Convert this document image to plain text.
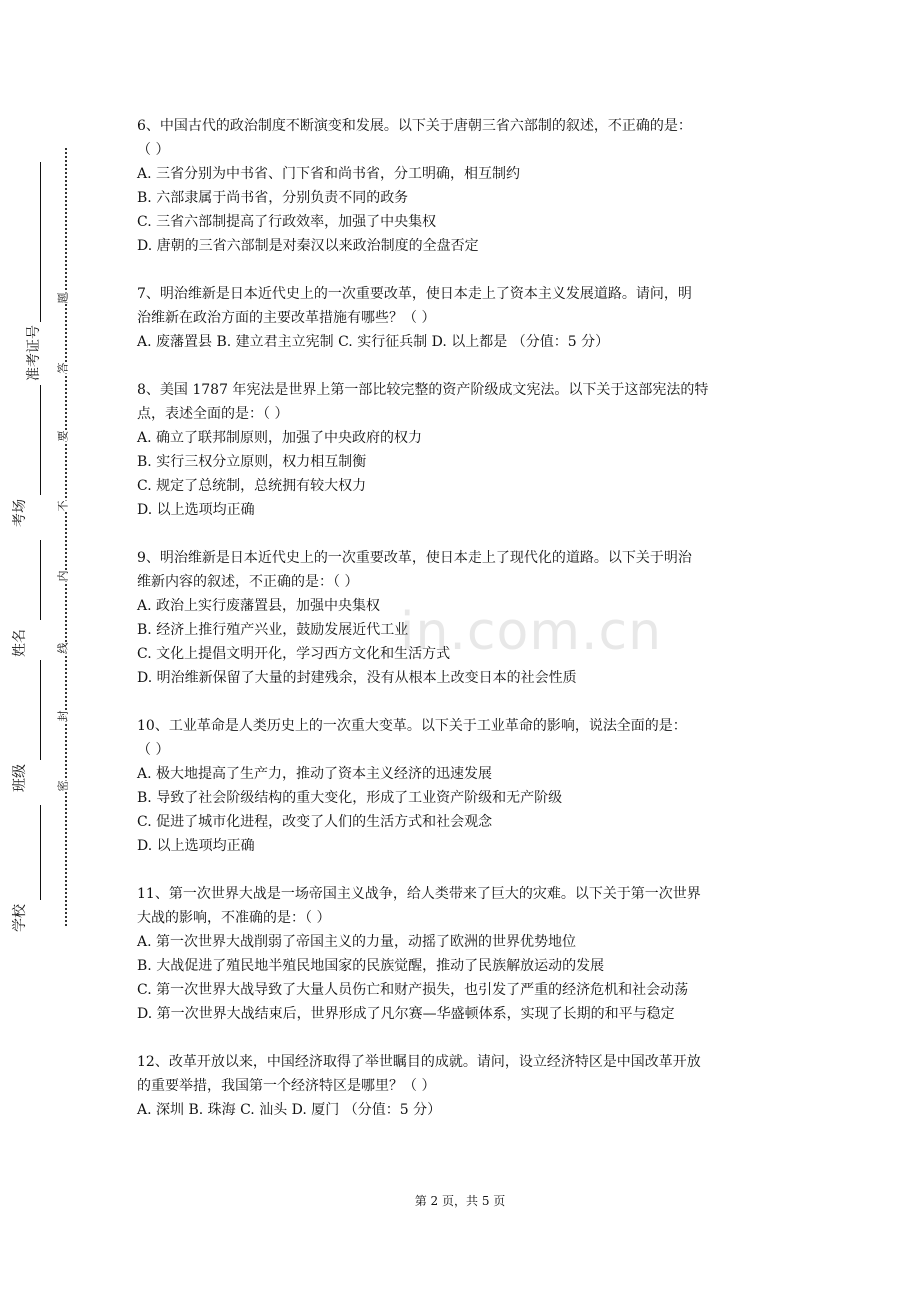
准考证号
考场
姓名
班级
学校
题
答
要
不
内
线
封
密
in.com.cn
6、中国古代的政治制度不断演变和发展。以下关于唐朝三省六部制的叙述，不正确的是：
（ ）
A. 三省分别为中书省、门下省和尚书省，分工明确，相互制约
B. 六部隶属于尚书省，分别负责不同的政务
C. 三省六部制提高了行政效率，加强了中央集权
D. 唐朝的三省六部制是对秦汉以来政治制度的全盘否定
7、明治维新是日本近代史上的一次重要改革，使日本走上了资本主义发展道路。请问，明
治维新在政治方面的主要改革措施有哪些？（ ）
A. 废藩置县 B. 建立君主立宪制 C. 实行征兵制 D. 以上都是 （分值：5 分）
8、美国 1787 年宪法是世界上第一部比较完整的资产阶级成文宪法。以下关于这部宪法的特
点，表述全面的是：（ ）
A. 确立了联邦制原则，加强了中央政府的权力
B. 实行三权分立原则，权力相互制衡
C. 规定了总统制，总统拥有较大权力
D. 以上选项均正确
9、明治维新是日本近代史上的一次重要改革，使日本走上了现代化的道路。以下关于明治
维新内容的叙述，不正确的是：（ ）
A. 政治上实行废藩置县，加强中央集权
B. 经济上推行殖产兴业，鼓励发展近代工业
C. 文化上提倡文明开化，学习西方文化和生活方式
D. 明治维新保留了大量的封建残余，没有从根本上改变日本的社会性质
10、工业革命是人类历史上的一次重大变革。以下关于工业革命的影响，说法全面的是：
（ ）
A. 极大地提高了生产力，推动了资本主义经济的迅速发展
B. 导致了社会阶级结构的重大变化，形成了工业资产阶级和无产阶级
C. 促进了城市化进程，改变了人们的生活方式和社会观念
D. 以上选项均正确
11、第一次世界大战是一场帝国主义战争，给人类带来了巨大的灾难。以下关于第一次世界
大战的影响，不准确的是：（ ）
A. 第一次世界大战削弱了帝国主义的力量，动摇了欧洲的世界优势地位
B. 大战促进了殖民地半殖民地国家的民族觉醒，推动了民族解放运动的发展
C. 第一次世界大战导致了大量人员伤亡和财产损失，也引发了严重的经济危机和社会动荡
D. 第一次世界大战结束后，世界形成了凡尔赛—华盛顿体系，实现了长期的和平与稳定
12、改革开放以来，中国经济取得了举世瞩目的成就。请问，设立经济特区是中国改革开放
的重要举措，我国第一个经济特区是哪里？（ ）
A. 深圳 B. 珠海 C. 汕头 D. 厦门 （分值：5 分）
第 2 页，共 5 页
